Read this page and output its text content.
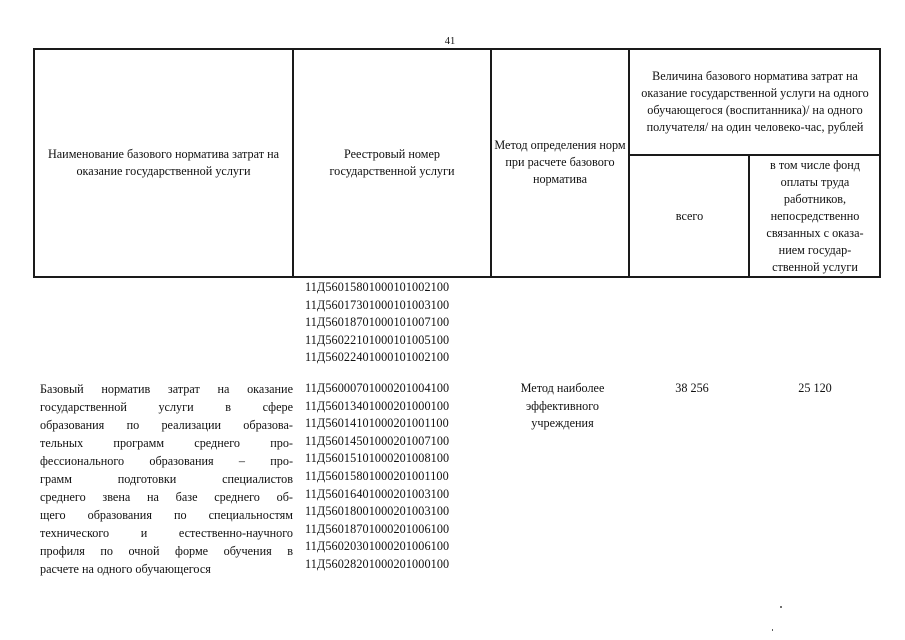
41
Наименование базового норматива затрат на оказание государственной услуги
Реестровый номер государственной услуги
Метод определения норм при расчете базового норматива
Величина базового норматива затрат на оказание государственной услуги на одного обучающегося (воспитанника)/ на одного получателя/ на один человеко-час, рублей
всего
в том числе фонд оплаты труда работников, непосредственно связанных с оказа- нием государ- ственной услуги
11Д56015801000101002100
11Д56017301000101003100
11Д56018701000101007100
11Д56022101000101005100
11Д56022401000101002100
Базовый норматив затрат на оказание
государственной услуги в сфере
образования по реализации образова-
тельных программ среднего про-
фессионального образования – про-
грамм подготовки специалистов
среднего звена на базе среднего об-
щего образования по специальностям
технического и естественно-научного
профиля по очной форме обучения в
расчете на одного обучающегося
11Д56000701000201004100
11Д56013401000201000100
11Д56014101000201001100
11Д56014501000201007100
11Д56015101000201008100
11Д56015801000201001100
11Д56016401000201003100
11Д56018001000201003100
11Д56018701000201006100
11Д56020301000201006100
11Д56028201000201000100
Метод наиболее эффективного учреждения
38 256	25 120
